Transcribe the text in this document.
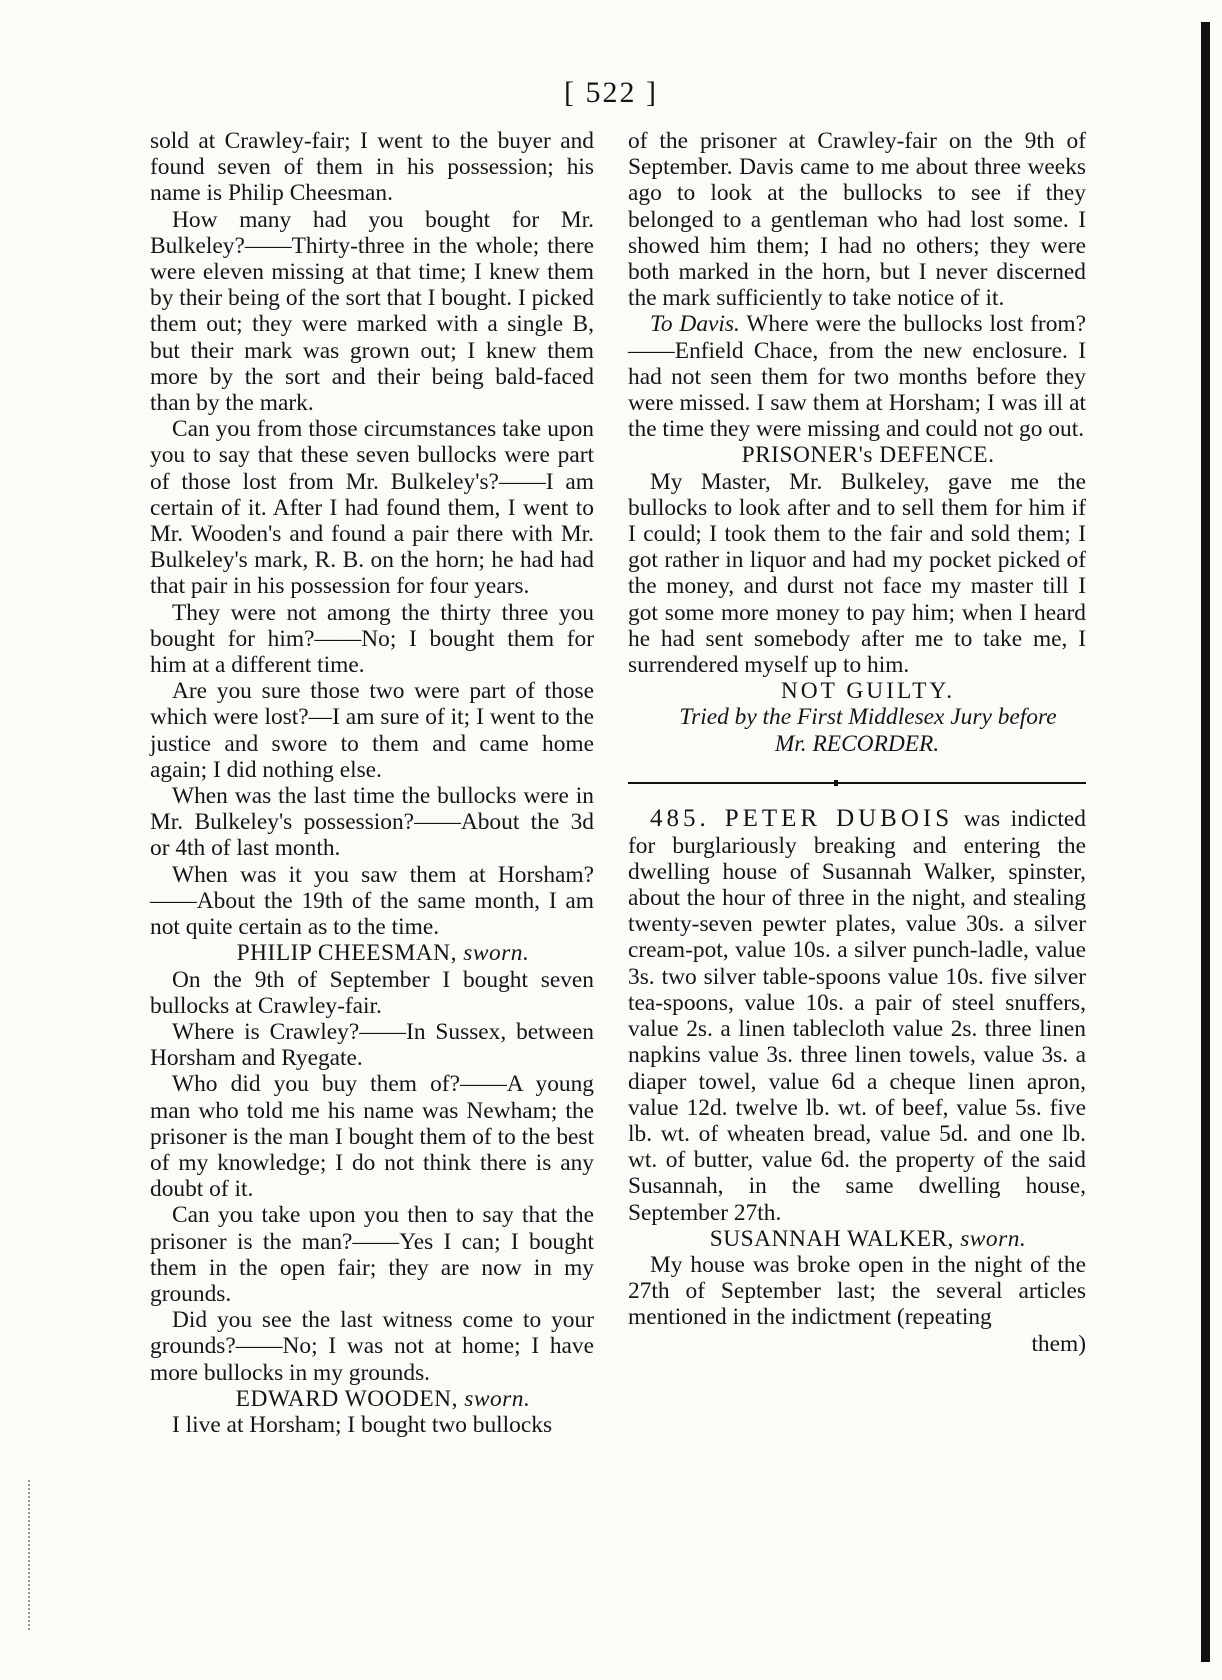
[ 522 ]

sold at Crawley-fair; I went to the buyer and found seven of them in his possession; his name is Philip Cheesman.

How many had you bought for Mr. Bulkeley?——Thirty-three in the whole; there were eleven missing at that time; I knew them by their being of the sort that I bought. I picked them out; they were marked with a single B, but their mark was grown out; I knew them more by the sort and their being bald-faced than by the mark.

Can you from those circumstances take upon you to say that these seven bullocks were part of those lost from Mr. Bulkeley's?——I am certain of it. After I had found them, I went to Mr. Wooden's and found a pair there with Mr. Bulkeley's mark, R. B. on the horn; he had had that pair in his possession for four years.

They were not among the thirty three you bought for him?——No; I bought them for him at a different time.

Are you sure those two were part of those which were lost?—I am sure of it; I went to the justice and swore to them and came home again; I did nothing else.

When was the last time the bullocks were in Mr. Bulkeley's possession?——About the 3d or 4th of last month.

When was it you saw them at Horsham?——About the 19th of the same month, I am not quite certain as to the time.

PHILIP CHEESMAN, sworn.

On the 9th of September I bought seven bullocks at Crawley-fair.

Where is Crawley?——In Sussex, between Horsham and Ryegate.

Who did you buy them of?——A young man who told me his name was Newham; the prisoner is the man I bought them of to the best of my knowledge; I do not think there is any doubt of it.

Can you take upon you then to say that the prisoner is the man?——Yes I can; I bought them in the open fair; they are now in my grounds.

Did you see the last witness come to your grounds?——No; I was not at home; I have more bullocks in my grounds.

EDWARD WOODEN, sworn.

I live at Horsham; I bought two bullocks

of the prisoner at Crawley-fair on the 9th of September. Davis came to me about three weeks ago to look at the bullocks to see if they belonged to a gentleman who had lost some. I showed him them; I had no others; they were both marked in the horn, but I never discerned the mark sufficiently to take notice of it.

To Davis. Where were the bullocks lost from?——Enfield Chace, from the new enclosure. I had not seen them for two months before they were missed. I saw them at Horsham; I was ill at the time they were missing and could not go out.

PRISONER's DEFENCE.

My Master, Mr. Bulkeley, gave me the bullocks to look after and to sell them for him if I could; I took them to the fair and sold them; I got rather in liquor and had my pocket picked of the money, and durst not face my master till I got some more money to pay him; when I heard he had sent somebody after me to take me, I surrendered myself up to him.

NOT GUILTY.

Tried by the First Middlesex Jury before
Mr. RECORDER.

485. PETER DUBOIS was indicted for burglariously breaking and entering the dwelling house of Susannah Walker, spinster, about the hour of three in the night, and stealing twenty-seven pewter plates, value 30s. a silver cream-pot, value 10s. a silver punch-ladle, value 3s. two silver table-spoons value 10s. five silver tea-spoons, value 10s. a pair of steel snuffers, value 2s. a linen tablecloth value 2s. three linen napkins value 3s. three linen towels, value 3s. a diaper towel, value 6d a cheque linen apron, value 12d. twelve lb. wt. of beef, value 5s. five lb. wt. of wheaten bread, value 5d. and one lb. wt. of butter, value 6d. the property of the said Susannah, in the same dwelling house, September 27th.

SUSANNAH WALKER, sworn.

My house was broke open in the night of the 27th of September last; the several articles mentioned in the indictment (repeating

them)
